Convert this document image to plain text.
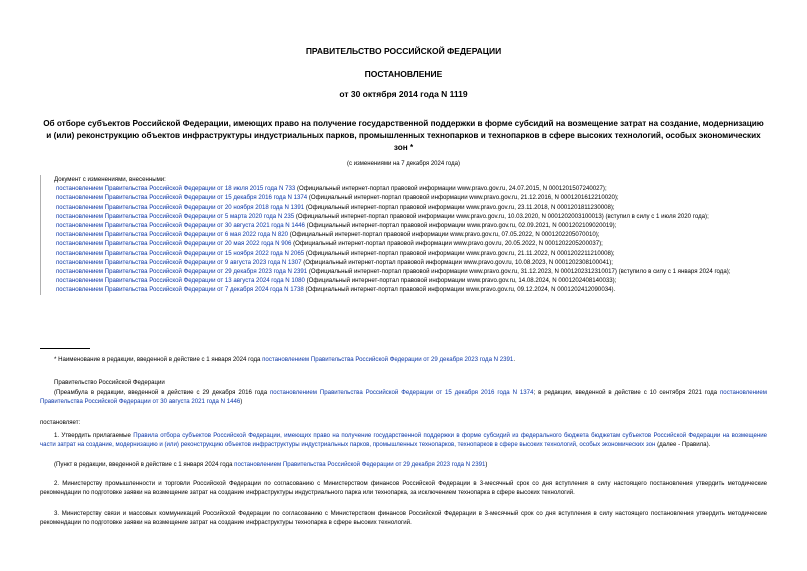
ПРАВИТЕЛЬСТВО РОССИЙСКОЙ ФЕДЕРАЦИИ
ПОСТАНОВЛЕНИЕ
от 30 октября 2014 года N 1119
Об отборе субъектов Российской Федерации, имеющих право на получение государственной поддержки в форме субсидий на возмещение затрат на создание, модернизацию и (или) реконструкцию объектов инфраструктуры индустриальных парков, промышленных технопарков и технопарков в сфере высоких технологий, особых экономических зон *
(с изменениями на 7 декабря 2024 года)
Документ с изменениями, внесенными:
постановлением Правительства Российской Федерации от 18 июля 2015 года N 733 (Официальный интернет-портал правовой информации www.pravo.gov.ru, 24.07.2015, N 0001201507240027);
постановлением Правительства Российской Федерации от 15 декабря 2016 года N 1374 (Официальный интернет-портал правовой информации www.pravo.gov.ru, 21.12.2016, N 0001201612210020);
постановлением Правительства Российской Федерации от 20 ноября 2018 года N 1391 (Официальный интернет-портал правовой информации www.pravo.gov.ru, 23.11.2018, N 0001201811230008);
постановлением Правительства Российской Федерации от 5 марта 2020 года N 235 (Официальный интернет-портал правовой информации www.pravo.gov.ru, 10.03.2020, N 0001202003100013) (вступил в силу с 1 июля 2020 года);
постановлением Правительства Российской Федерации от 30 августа 2021 года N 1446 (Официальный интернет-портал правовой информации www.pravo.gov.ru, 02.09.2021, N 0001202109020019);
постановлением Правительства Российской Федерации от 6 мая 2022 года N 820 (Официальный интернет-портал правовой информации www.pravo.gov.ru, 07.05.2022, N 0001202205070010);
постановлением Правительства Российской Федерации от 20 мая 2022 года N 906 (Официальный интернет-портал правовой информации www.pravo.gov.ru, 20.05.2022, N 0001202205200037);
постановлением Правительства Российской Федерации от 15 ноября 2022 года N 2065 (Официальный интернет-портал правовой информации www.pravo.gov.ru, 21.11.2022, N 0001202211210008);
постановлением Правительства Российской Федерации от 9 августа 2023 года N 1307 (Официальный интернет-портал правовой информации www.pravo.gov.ru, 10.08.2023, N 0001202308100041);
постановлением Правительства Российской Федерации от 29 декабря 2023 года N 2391 (Официальный интернет-портал правовой информации www.pravo.gov.ru, 31.12.2023, N 0001202312310017) (вступило в силу с 1 января 2024 года);
постановлением Правительства Российской Федерации от 13 августа 2024 года N 1080 (Официальный интернет-портал правовой информации www.pravo.gov.ru, 14.08.2024, N 0001202408140033);
постановлением Правительства Российской Федерации от 7 декабря 2024 года N 1738 (Официальный интернет-портал правовой информации www.pravo.gov.ru, 09.12.2024, N 0001202412090034).
* Наименование в редакции, введенной в действие с 1 января 2024 года постановлением Правительства Российской Федерации от 29 декабря 2023 года N 2391.
Правительство Российской Федерации
(Преамбула в редакции, введенной в действие с 29 декабря 2016 года постановлением Правительства Российской Федерации от 15 декабря 2016 года N 1374; в редакции, введенной в действие с 10 сентября 2021 года постановлением Правительства Российской Федерации от 30 августа 2021 года N 1446)
постановляет:
1. Утвердить прилагаемые Правила отбора субъектов Российской Федерации, имеющих право на получение государственной поддержки в форме субсидий из федерального бюджета бюджетам субъектов Российской Федерации на возмещение части затрат на создание, модернизацию и (или) реконструкцию объектов инфраструктуры индустриальных парков, промышленных технопарков, технопарков в сфере высоких технологий, особых экономических зон (далее - Правила).
(Пункт в редакции, введенной в действие с 1 января 2024 года постановлением Правительства Российской Федерации от 29 декабря 2023 года N 2391)
2. Министерству промышленности и торговли Российской Федерации по согласованию с Министерством финансов Российской Федерации в 3-месячный срок со дня вступления в силу настоящего постановления утвердить методические рекомендации по подготовке заявки на возмещение затрат на создание инфраструктуры индустриального парка или технопарка, за исключением технопарка в сфере высоких технологий.
3. Министерству связи и массовых коммуникаций Российской Федерации по согласованию с Министерством финансов Российской Федерации в 3-месячный срок со дня вступления в силу настоящего постановления утвердить методические рекомендации по подготовке заявки на возмещение затрат на создание инфраструктуры технопарка в сфере высоких технологий.
